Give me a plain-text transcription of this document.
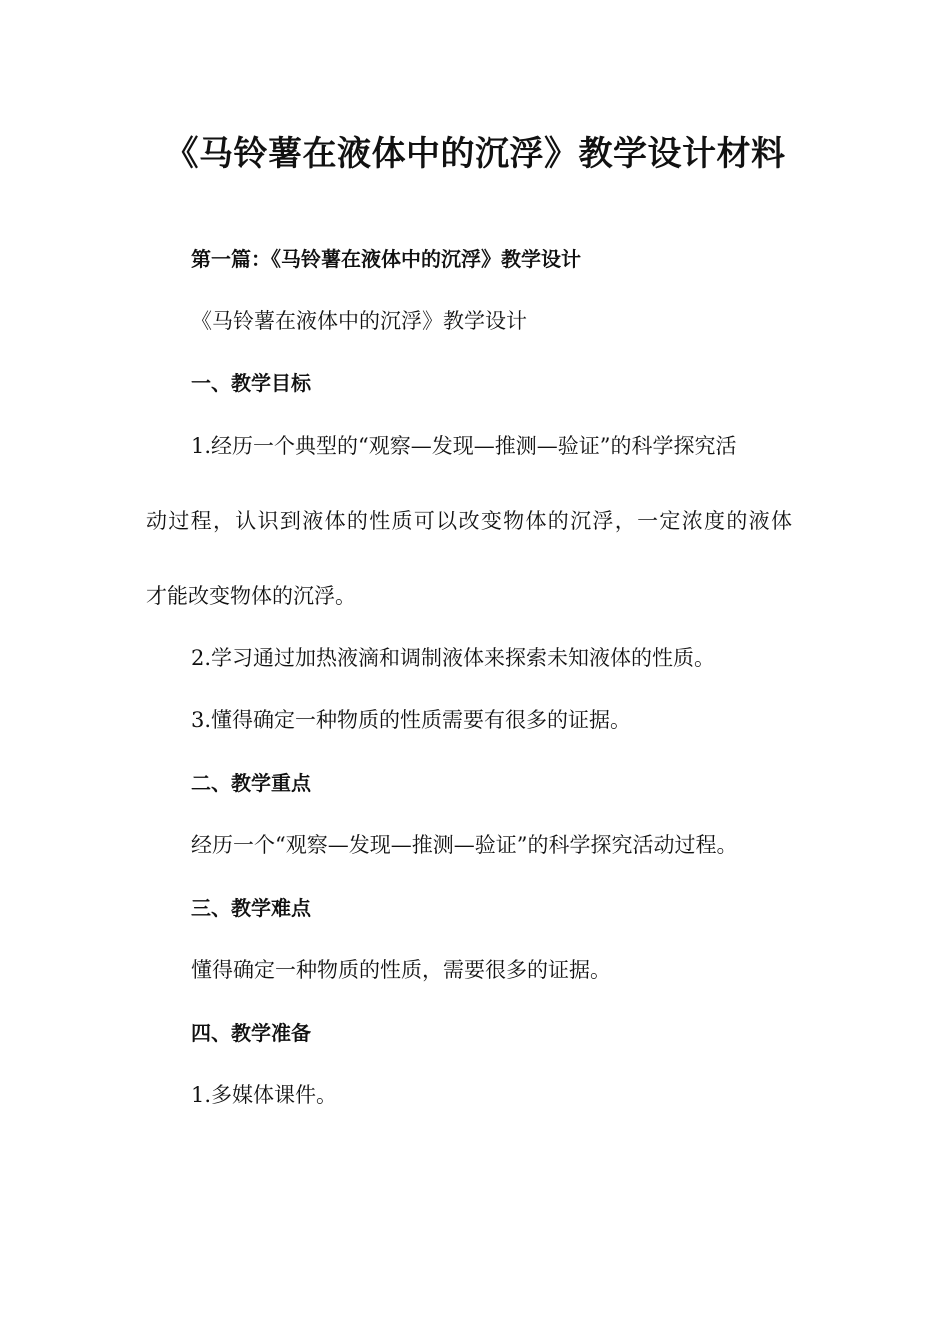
《马铃薯在液体中的沉浮》教学设计材料
第一篇：《马铃薯在液体中的沉浮》教学设计
《马铃薯在液体中的沉浮》教学设计
一、教学目标
1.经历一个典型的“观察—发现—推测—验证”的科学探究活
动过程，认识到液体的性质可以改变物体的沉浮，一定浓度的液体
才能改变物体的沉浮。
2.学习通过加热液滴和调制液体来探索未知液体的性质。
3.懂得确定一种物质的性质需要有很多的证据。
二、教学重点
经历一个“观察—发现—推测—验证”的科学探究活动过程。
三、教学难点
懂得确定一种物质的性质，需要很多的证据。
四、教学准备
1.多媒体课件。
